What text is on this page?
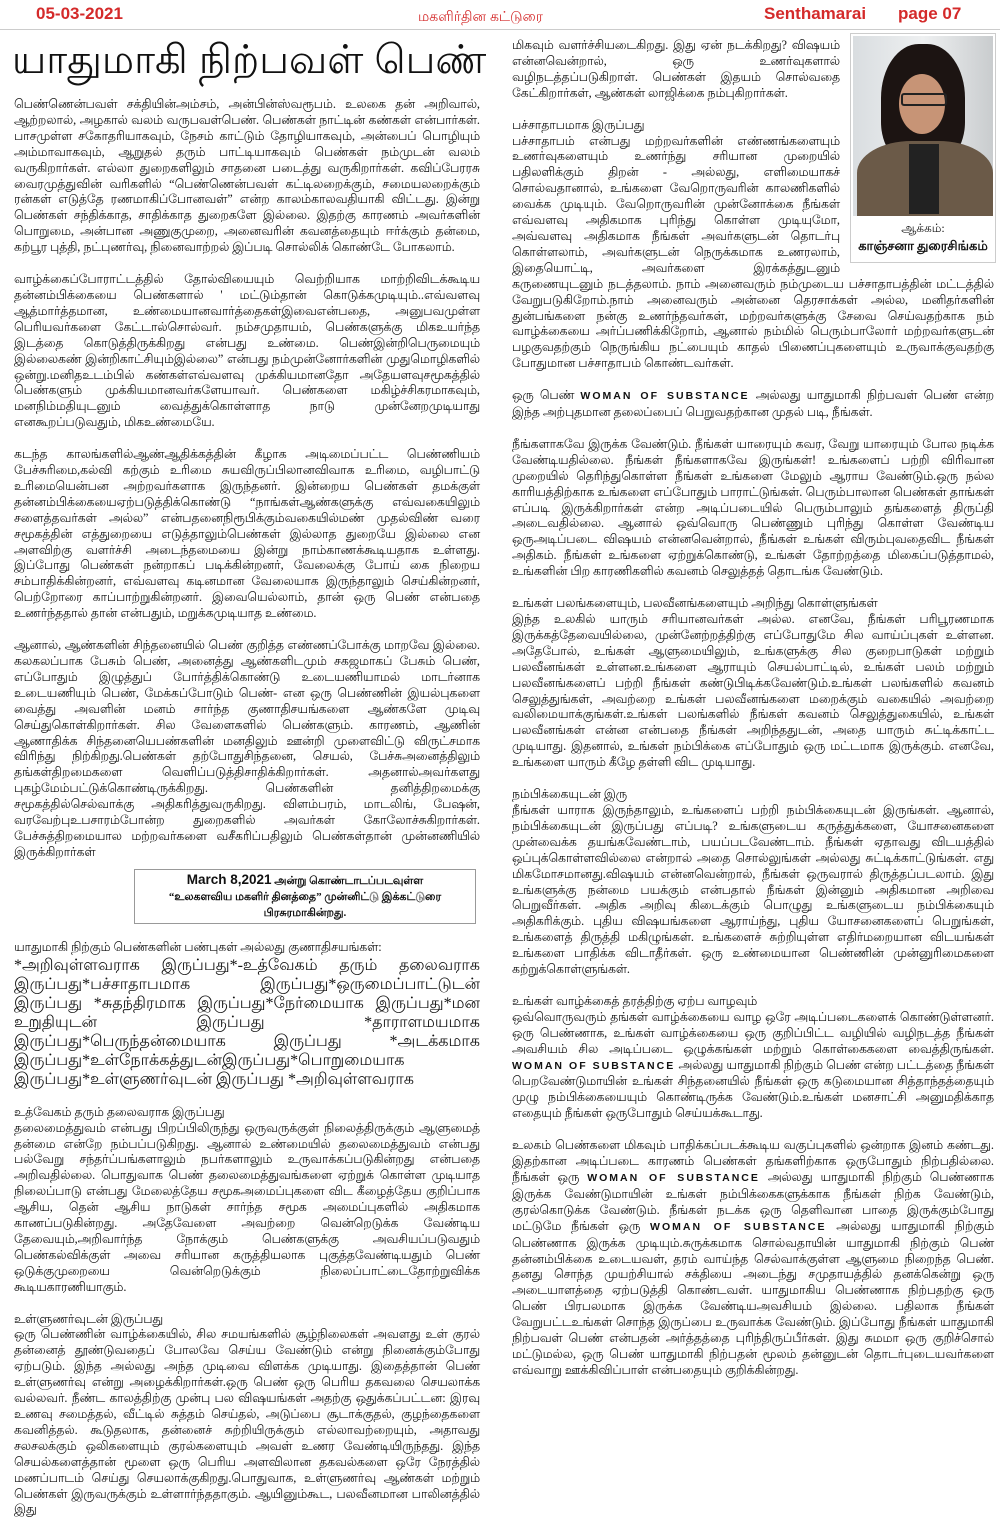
05-03-2021	மகளிர்தின கட்டுரை	Senthamarai page 07
யாதுமாகி நிற்பவள் பெண்

பெண்ணென்பவள் சக்தியின்அம்சம், அன்பின்ஸ்வரூபம். உலகை தன் அறிவால், ஆற்றலால், அழகால் வலம் வருபவள்பெண். பெண்கள் நாட்டின் கண்கள் என்பார்கள். பாசமுள்ள சகோதரியாகவும், நேசம் காட்டும் தோழியாகவும், அன்பைப் பொழியும் அம்மாவாகவும், ஆறுதல் தரும் பாட்டியாகவும் பெண்கள் நம்முடன் வலம் வருகிறார்கள். எல்லா துறைகளிலும் சாதனை படைத்து வருகிறார்கள். கவிப்பேரரசு வைரமுத்துவின் வரிகளில் “பெண்ணென்பவள் கட்டிலறைக்கும், சமையலறைக்கும் ரன்கள் எடுத்தே ரணமாகிப்போனவள்” என்ற காலம்காலவதியாகி விட்டது. இன்று பெண்கள் சந்திக்காத, சாதிக்காத துறைகளே இல்லை. இதற்கு காரணம் அவர்களின் பொறுமை, அன்பான அணுகுமுறை, அனைவரின் கவனத்தையும் ஈர்க்கும் தன்மை, கற்பூர புத்தி, நட்புணர்வு, நினைவாற்றல் இப்படி சொல்லிக் கொண்டே போகலாம்.

வாழ்க்கைப்போராட்டத்தில் தோல்வியையும் வெற்றியாக மாற்றிவிடக்கூடிய தன்னம்பிக்கையை பெண்களால் ' மட்டும்தான் கொடுக்கமுடியும்..எவ்வளவு ஆத்மார்த்தமான, உண்மையானவார்த்தைகள்இவைஎன்பதை, அனுபவமுள்ள பெரியவர்களை கேட்டால்சொல்வர். நம்சமுதாயம், பெண்களுக்கு மிகஉயர்ந்த இடத்தை கொடுத்திருக்கிறது என்பது உண்மை. பெண்இன்றிபெருமையும் இல்லைகண் இன்றிகாட்சியும்இல்லை” என்பது நம்முன்னோர்களின் முதுமொழிகளில் ஒன்று.மனிதஉடம்பில் கண்கள்எவ்வளவு முக்கியமானதோ அதேயளவுசமூகத்தில் பெண்களும் முக்கியமானவர்களேயாவர். பெண்களை மகிழ்ச்சிகரமாகவும், மனநிம்மதியுடனும் வைத்துக்கொள்ளாத நாடு முன்னேறமுடியாது எனகூறப்படுவதும், மிகஉண்மையே.

கடந்த காலங்களில்ஆண்ஆதிக்கத்தின் கீழாக அடிமைப்பட்ட பெண்ணியம் பேச்சுரிமை,கல்வி கற்கும் உரிமை சுயவிருப்பிலானவிவாக உரிமை, வழிபாட்டு உரிமையென்பன அற்றவர்களாக இருந்தனர். இன்றைய பெண்கள் தமக்குள் தன்னம்பிக்கையைஏற்படுத்திக்கொண்டு “நாங்கள்ஆண்களுக்கு எவ்வகையிலும் சளைத்தவர்கள் அல்ல” என்பதனைநிரூபிக்கும்வகையில்மண் முதல்விண் வரை சமூகத்தின் எத்துறையை எடுத்தாலும்பெண்கள் இல்லாத துறையே இல்லை என அளவிற்கு வளர்ச்சி அடைந்தமையை இன்று நாம்காணக்கூடியதாக உள்ளது. இப்போது பெண்கள் நன்றாகப் படிக்கின்றனர், வேலைக்கு போய் கை நிறைய சம்பாதிக்கின்றனர், எவ்வளவு கடினமான வேலையாக இருந்தாலும் செய்கின்றனர், பெற்றோரை காப்பாற்றுகின்றனர். இவையெல்லாம், தான் ஒரு பெண் என்பதை உணர்ந்ததால் தான் என்பதும், மறுக்கமுடியாத உண்மை.

ஆனால், ஆண்களின் சிந்தனையில் பெண் குறித்த எண்ணப்போக்கு மாறவே இல்லை. கலகலப்பாக பேசும் பெண், அனைத்து ஆண்களிடமும் சகஜமாகப் பேசும் பெண், எப்போதும் இழுத்துப் போர்த்திக்கொண்டு உடையணியாமல் மாடர்னாக உடையணியும் பெண், மேக்கப்போடும் பெண்- என ஒரு பெண்ணின் இயல்புகளை வைத்து அவளின் மனம் சார்ந்த குணாதிசயங்களை ஆண்களே முடிவு செய்துகொள்கிறார்கள். சில வேளைகளில் பெண்களும். காரணம், ஆணின் ஆணாதிக்க சிந்தனையெபண்களின் மனதிலும் ஊன்றி முளைவிட்டு விருட்சமாக விரிந்து நிற்கிறது.பெண்கள் தற்போதுசிந்தனை, செயல், பேச்சுஅனைத்திலும் தங்கள்திறமைகளை வெளிப்படுத்திசாதிக்கிறார்கள். அதனால்அவர்களது புகழ்மேம்பட்டுக்கொண்டிருக்கிறது. பெண்களின் தனித்திறமைக்கு சமூகத்தில்செல்வாக்கு அதிகரித்துவருகிறது. விளம்பரம், மாடலிங், பேஷன், வரவேற்புஉபசாரம்போன்ற துறைகளில் அவர்கள் கோலோச்சுகிறார்கள். பேச்சுத்திறமையால மற்றவர்களை வசீகரிப்பதிலும் பெண்கள்தான் முன்னணியில் இருக்கிறார்கள்

March 8,2021 அன்று கொண்டாடப்படவுள்ள
“உலகளவிய மகளிர் தினத்தை” முன்னிட்டு இக்கட்டுரை பிரசுரமாகின்றது.
யாதுமாகி நிற்கும் பெண்களின் பண்புகள் அல்லது குணாதிசயங்கள்:
*அறிவுள்ளவராக இருப்பது*-உத்வேகம் தரும் தலைவராக இருப்பது*பச்சாதாபமாக இருப்பது*ஒருமைப்பாட்டுடன் இருப்பது *சுதந்திரமாக இருப்பது*நேர்மையாக இருப்பது*மன உறுதியுடன் இருப்பது *தாராளமயமாக இருப்பது*பெருந்தன்மையாக இருப்பது *அடக்கமாக இருப்பது*உள்நோக்கத்துடன்இருப்பது*பொறுமையாக இருப்பது*உள்ளுணர்வுடன் இருப்பது *அறிவுள்ளவராக
உத்வேகம் தரும் தலைவராக இருப்பது
தலைமைத்துவம் என்பது பிறப்பிலிருந்து ஒருவருக்குள் நிலைத்திருக்கும் ஆளுமைத் தன்மை என்றே நம்பப்படுகிறது. ஆனால் உண்மையில் தலைமைத்துவம் என்பது பல்வேறு சந்தர்ப்பங்களாலும் நபர்களாலும் உருவாக்கப்படுகின்றது என்பதை அறிவதில்லை. பொதுவாக பெண் தலைமைத்துவங்களை ஏற்றுக் கொள்ள முடியாத நிலைப்பாடு என்பது மேலைத்தேய சமூகஅமைப்புகளை விட கீழைத்தேய குறிப்பாக ஆசிய, தென் ஆசிய நாடுகள் சார்ந்த சமூக அமைப்புகளில் அதிகமாக காணப்படுகின்றது. அதேவேளை அவற்றை வென்றெடுக்க வேண்டிய தேவையும்,அறிவார்ந்த நோக்கும் பெண்களுக்கு அவசியப்படுவதும் பெண்கல்விக்குள் அவை சரியான கருத்தியலாக புகுத்தவேண்டியதும் பெண் ஒடுக்குமுறையை வென்றெடுக்கும் நிலைப்பாட்டைதோற்றுவிக்க கூடியகாரணியாகும்.
உள்ளுணர்வுடன் இருப்பது
ஒரு பெண்ணின் வாழ்க்கையில், சில சமயங்களில் சூழ்நிலைகள் அவளது உள் குரல் தன்னைத் தூண்டுவதைப் போலவே செய்ய வேண்டும் என்று நினைக்கும்போது ஏற்படும். இந்த அல்லது அந்த முடிவை விளக்க முடியாது. இதைத்தான் பெண் உள்ளுணர்வு என்று அழைக்கிறார்கள்.ஒரு பெண் ஒரு பெரிய தகவலை செயலாக்க வல்லவர். நீண்ட காலத்திற்கு முன்பு பல விஷயங்கள் அதற்கு ஒதுக்கப்பட்டன: இரவு உணவு சமைத்தல், வீட்டில் சுத்தம் செய்தல், அடுப்பை சூடாக்குதல், குழந்தைகளை கவனித்தல். கூடுதலாக, தன்னைச் சுற்றியிருக்கும் எல்லாவற்றையும், அதாவது சலசலக்கும் ஒலிகளையும் குரல்களையும் அவள் உணர வேண்டியிருந்தது. இந்த செயல்களைத்தான் மூளை ஒரு பெரிய அளவிலான தகவல்களை ஒரே நேரத்தில் மணப்பாடம் செய்து செயலாக்குகிறது.பொதுவாக, உள்ளுணர்வு ஆண்கள் மற்றும் பெண்கள் இருவருக்கும் உள்ளார்ந்ததாகும். ஆயினும்கூட, பலவீனமான பாலினத்தில் இது
ஆக்கம்:
காஞ்சனா துரைசிங்கம்

மிகவும் வளர்ச்சியடைகிறது. இது ஏன் நடக்கிறது? விஷயம் என்னவென்றால், ஒரு உணர்வுகளால் வழிநடத்தப்படுகிறாள். பெண்கள் இதயம் சொல்வதை கேட்கிறார்கள், ஆண்கள் லாஜிக்கை நம்புகிறார்கள்.

பச்சாதாபமாக இருப்பது
பச்சாதாபம் என்பது மற்றவர்களின் எண்ணங்களையும் உணர்வுகளையும் உணர்ந்து சரியான முறையில் பதிலளிக்கும் திறன் - அல்லது, எளிமையாகச் சொல்வதானால், உங்களை வேறொருவரின் காலணிகளில் வைக்க முடியும். வேறொருவரின் முன்னோக்கை நீங்கள் எவ்வளவு அதிகமாக புரிந்து கொள்ள முடியுமோ, அவ்வளவு அதிகமாக நீங்கள் அவர்களுடன் தொடர்பு கொள்ளலாம், அவர்களுடன் நெருக்கமாக உணரலாம், இதையொட்டி, அவர்களை	இரக்கத்துடனும் கருணையுடனும் நடத்தலாம். நாம் அனைவரும் நம்முடைய பச்சாதாபத்தின் மட்டத்தில் வேறுபடுகிறோம்.நாம் அனைவரும் அன்னை தெரசாக்கள் அல்ல, மனிதர்களின் துன்பங்களை நன்கு உணர்ந்தவர்கள், மற்றவர்களுக்கு சேவை செய்வதற்காக நம் வாழ்க்கையை அர்ப்பணிக்கிறோம், ஆனால் நம்மில் பெரும்பாலோர் மற்றவர்களுடன் பழகுவதற்கும் நெருங்கிய நட்பையும் காதல் பிணைப்புகளையும் உருவாக்குவதற்கு போதுமான பச்சாதாபம் கொண்டவர்கள்.

ஒரு பெண் WOMAN OF SUBSTANCE அல்லது யாதுமாகி நிற்பவள் பெண் என்ற இந்த அற்புதமான தலைப்பைப் பெறுவதற்கான முதல் படி, நீங்கள்.

நீங்களாகவே இருக்க வேண்டும். நீங்கள் யாரையும் கவர, வேறு யாரையும் போல நடிக்க வேண்டியதில்லை. நீங்கள் நீங்களாகவே இருங்கள்! உங்களைப் பற்றி விரிவான முறையில் தெரிந்துகொள்ள நீங்கள் உங்களை மேலும் ஆராய வேண்டும்.ஒரு நல்ல காரியத்திற்காக உங்களை எப்போதும் பாராட்டுங்கள். பெரும்பாலான பெண்கள் தாங்கள் எப்படி இருக்கிறார்கள் என்ற அடிப்படையில் பெரும்பாலும் தங்களைத் திருப்தி அடைவதில்லை. ஆனால் ஒவ்வொரு பெண்ணும் புரிந்து கொள்ள வேண்டிய ஒருஅடிப்படை விஷயம் என்னவென்றால், நீங்கள் உங்கள் விரும்புவதைவிட நீங்கள் அதிகம். நீங்கள் உங்களை ஏற்றுக்கொண்டு, உங்கள் தோற்றத்தை மிகைப்படுத்தாமல், உங்களின் பிற காரணிகளில் கவனம் செலுத்தத் தொடங்க வேண்டும்.

உங்கள் பலங்களையும், பலவீனங்களையும் அறிந்து கொள்ளுங்கள்
இந்த உலகில் யாரும் சரியானவர்கள் அல்ல. எனவே, நீங்கள் பரிபூரணமாக இருக்கத்தேவையில்லை, முன்னேற்றத்திற்கு எப்போதுமே சில வாய்ப்புகள் உள்ளன. அதேபோல், உங்கள் ஆளுமையிலும், உங்களுக்கு சில குறைபாடுகள் மற்றும் பலவீனங்கள் உள்ளன.உங்களை ஆராயும் செயல்பாட்டில், உங்கள் பலம் மற்றும் பலவீனங்களைப் பற்றி நீங்கள் கண்டுபிடிக்கவேண்டும்.உங்கள் பலங்களில் கவனம் செலுத்துங்கள், அவற்றை உங்கள் பலவீனங்களை மறைக்கும் வகையில் அவற்றை வலிமையாக்குங்கள்.உங்கள் பலங்களில் நீங்கள் கவனம் செலுத்துகையில், உங்கள் பலவீனங்கள் என்ன என்பதை நீங்கள் அறிந்ததுடன், அதை யாரும் சுட்டிக்காட்ட முடியாது. இதனால், உங்கள் நம்பிக்கை எப்போதும் ஒரு மட்டமாக இருக்கும். எனவே, உங்களை யாரும் கீழே தள்ளி விட முடியாது.
நம்பிக்கையுடன் இரு
நீங்கள் யாராக இருந்தாலும், உங்களைப் பற்றி நம்பிக்கையுடன் இருங்கள். ஆனால், நம்பிக்கையுடன் இருப்பது எப்படி? உங்களுடைய கருத்துக்களை, யோசனைகளை முன்வைக்க தயங்கவேண்டாம், பயப்படவேண்டாம். நீங்கள் ஏதாவது விடயத்தில் ஒப்புக்கொள்ளவில்லை என்றால் அதை சொல்லுங்கள் அல்லது சுட்டிக்காட்டுங்கள். எது மிகமோசமானது.விஷயம் என்னவென்றால், நீங்கள் ஒருவரால் திருத்தப்படலாம். இது உங்களுக்கு நன்மை பயக்கும் என்பதால் நீங்கள் இன்னும் அதிகமான அறிவை பெறுவீர்கள். அதிக அறிவு கிடைக்கும் பொழுது உங்களுடைய நம்பிக்கையும் அதிகரிக்கும். புதிய விஷயங்களை ஆராய்ந்து, புதிய யோசனைகளைப் பெறுங்கள், உங்களைத் திருத்தி மகிழுங்கள். உங்களைச் சுற்றியுள்ள எதிர்மறையான விடயங்கள் உங்களை பாதிக்க விடாதீர்கள். ஒரு உண்மையான பெண்ணின் முன்னுரிமைகளை கற்றுக்கொள்ளுங்கள்.
உங்கள் வாழ்க்கைத் தரத்திற்கு ஏற்ப வாழவும்
ஒவ்வொருவரும் தங்கள் வாழ்க்கையை வாழ ஒரே அடிப்படைகளைக் கொண்டுள்ளனர். ஒரு பெண்ணாக, உங்கள் வாழ்க்கையை ஒரு குறிப்பிட்ட வழியில் வழிநடத்த நீங்கள் அவசியம் சில அடிப்படை ஒழுக்கங்கள் மற்றும் கொள்கைகளை வைத்திருங்கள். WOMAN OF SUBSTANCE அல்லது யாதுமாகி நிற்கும் பெண் என்ற பட்டத்தை நீங்கள் பெறவேண்டுமாயின் உங்கள் சிந்தனையில் நீங்கள் ஒரு கடுமையான சித்தாந்தத்தையும் முழு நம்பிக்கையையும் கொண்டிருக்க வேண்டும்.உங்கள் மனசாட்சி அனுமதிக்காத எதையும் நீங்கள் ஒருபோதும் செய்யக்கூடாது.

உலகம் பெண்களை மிகவும் பாதிக்கப்படக்கூடிய வகுப்புகளில் ஒன்றாக இனம் கண்டது. இதற்கான அடிப்படை காரணம் பெண்கள் தங்களிற்காக ஒருபோதும் நிற்பதில்லை. நீங்கள் ஒரு WOMAN OF SUBSTANCE அல்லது யாதுமாகி நிற்கும் பெண்ணாக இருக்க வேண்டுமாயின் உங்கள் நம்பிக்கைகளுக்காக நீங்கள் நிற்க வேண்டும், குரல்கொடுக்க வேண்டும். நீங்கள் நடக்க ஒரு தெளிவான பாதை இருக்கும்போது மட்டுமே நீங்கள் ஒரு WOMAN OF SUBSTANCE அல்லது யாதுமாகி நிற்கும் பெண்ணாக இருக்க முடியும்.சுருக்கமாக சொல்வதாயின் யாதுமாகி நிற்கும் பெண் தன்னம்பிக்கை உடையவள், தரம் வாய்ந்த செல்வாக்குள்ள ஆளுமை நிறைந்த பெண். தனது சொந்த முயற்சியால் சக்தியை அடைந்து சமுதாயத்தில் தனக்கென்று ஒரு அடையாளத்தை ஏற்படுத்தி கொண்டவள். யாதுமாகிய பெண்ணாக நிற்பதற்கு ஒரு பெண் பிரபலமாக இருக்க வேண்டியஅவசியம் இல்லை. பதிலாக நீங்கள் வேறுபட்டஉங்கள் சொந்த இருப்பை உருவாக்க வேண்டும். இப்போது நீங்கள் யாதுமாகி நிற்பவள் பெண் என்பதன் அர்த்தத்தை புரிந்திருப்பீர்கள். இது சுமமா ஒரு குறிச்சொல் மட்டுமல்ல, ஒரு பெண் யாதுமாகி நிற்பதன் மூலம் தன்னுடன் தொடர்புடையவர்களை எவ்வாறு ஊக்கிவிப்பாள் என்பதையும் குறிக்கின்றது.
